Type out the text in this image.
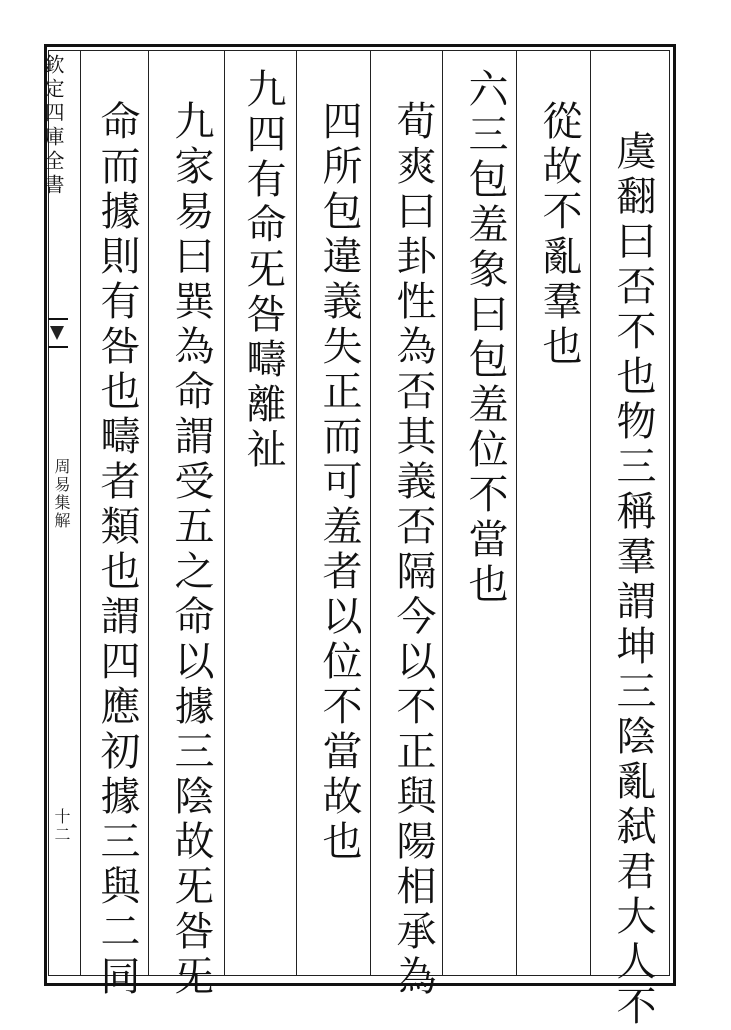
欽定四庫全書
周易集解
十二	虞翻曰否不也物三稱羣謂坤三陰亂弑君大人不
從故不亂羣也
六三包羞象曰包羞位不當也
荀爽曰卦性為否其義否隔今以不正與陽相承為
四所包違義失正而可羞者以位不當故也
九四有命旡咎疇離祉
九家易曰巽為命謂受五之命以據三陰故旡咎旡
命而據則有咎也疇者類也謂四應初據三與二同
